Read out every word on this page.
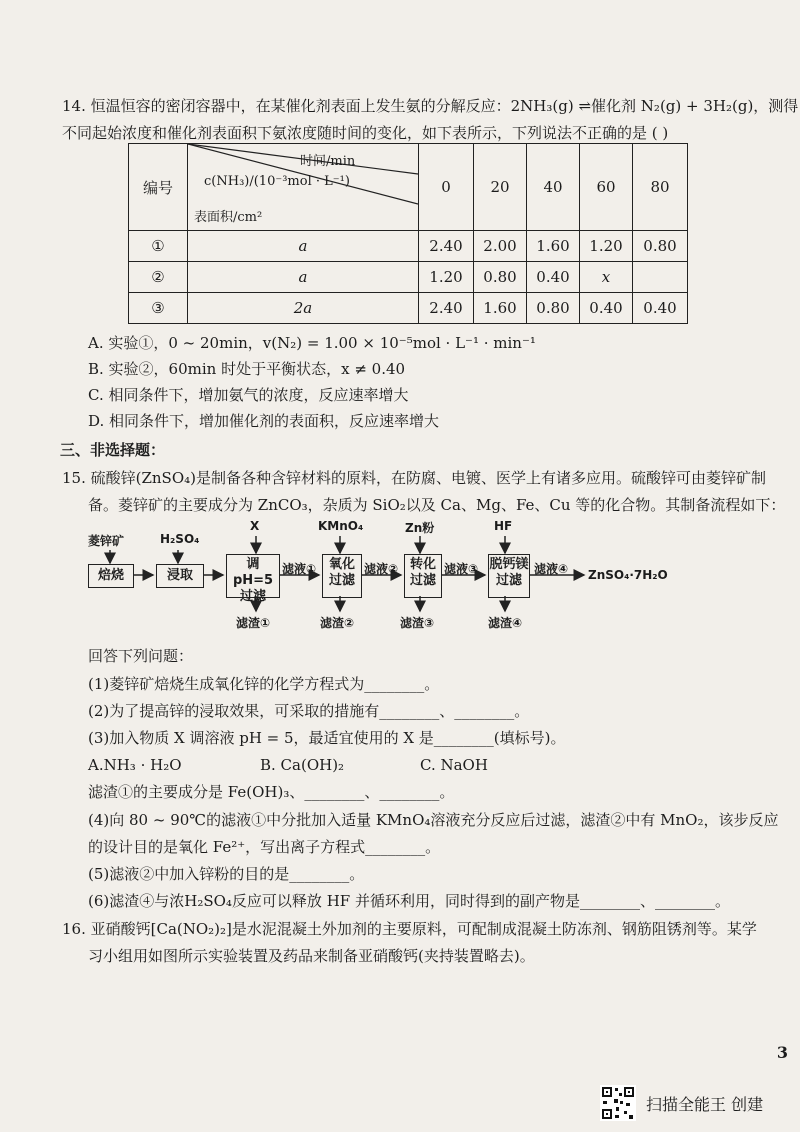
14. 恒温恒容的密闭容器中，在某催化剂表面上发生氨的分解反应：2NH₃(g) ⇌催化剂 N₂(g) + 3H₂(g)，测得
不同起始浓度和催化剂表面积下氨浓度随时间的变化，如下表所示，下列说法不正确的是 ( )
编号	时间/min
c(NH₃)/(10⁻³mol · L⁻¹)
表面积/cm²	0	20	40	60	80
①	a	2.40	2.00	1.60	1.20	0.80
②	a	1.20	0.80	0.40	x	
③	2a	2.40	1.60	0.80	0.40	0.40
A. 实验①，0 ~ 20min，v(N₂) = 1.00 × 10⁻⁵mol · L⁻¹ · min⁻¹
B. 实验②，60min 时处于平衡状态，x ≠ 0.40
C. 相同条件下，增加氨气的浓度，反应速率增大
D. 相同条件下，增加催化剂的表面积，反应速率增大
三、非选择题：
15. 硫酸锌(ZnSO₄)是制备各种含锌材料的原料，在防腐、电镀、医学上有诸多应用。硫酸锌可由菱锌矿制
备。菱锌矿的主要成分为 ZnCO₃，杂质为 SiO₂以及 Ca、Mg、Fe、Cu 等的化合物。其制备流程如下：
菱锌矿	H₂SO₄
X	KMnO₄	Zn粉	HF
焙烧	浸取
调pH=5
过滤
氧化
过滤
转化
过滤
脱钙镁
过滤
滤液①	滤液②	滤液③	滤液④ ZnSO₄·7H₂O
滤渣①	滤渣②	滤渣③	滤渣④
回答下列问题：
(1)菱锌矿焙烧生成氧化锌的化学方程式为________。
(2)为了提高锌的浸取效果，可采取的措施有________、________。
(3)加入物质 X 调溶液 pH = 5，最适宜使用的 X 是________(填标号)。
A.NH₃ · H₂O	B. Ca(OH)₂	C. NaOH
滤渣①的主要成分是 Fe(OH)₃、________、________。
(4)向 80 ~ 90℃的滤液①中分批加入适量 KMnO₄溶液充分反应后过滤，滤渣②中有 MnO₂，该步反应
的设计目的是氧化 Fe²⁺，写出离子方程式________。
(5)滤液②中加入锌粉的目的是________。
(6)滤渣④与浓H₂SO₄反应可以释放 HF 并循环利用，同时得到的副产物是________、________。
16. 亚硝酸钙[Ca(NO₂)₂]是水泥混凝土外加剂的主要原料，可配制成混凝土防冻剂、钢筋阻锈剂等。某学
习小组用如图所示实验装置及药品来制备亚硝酸钙(夹持装置略去)。
3
扫描全能王 创建
